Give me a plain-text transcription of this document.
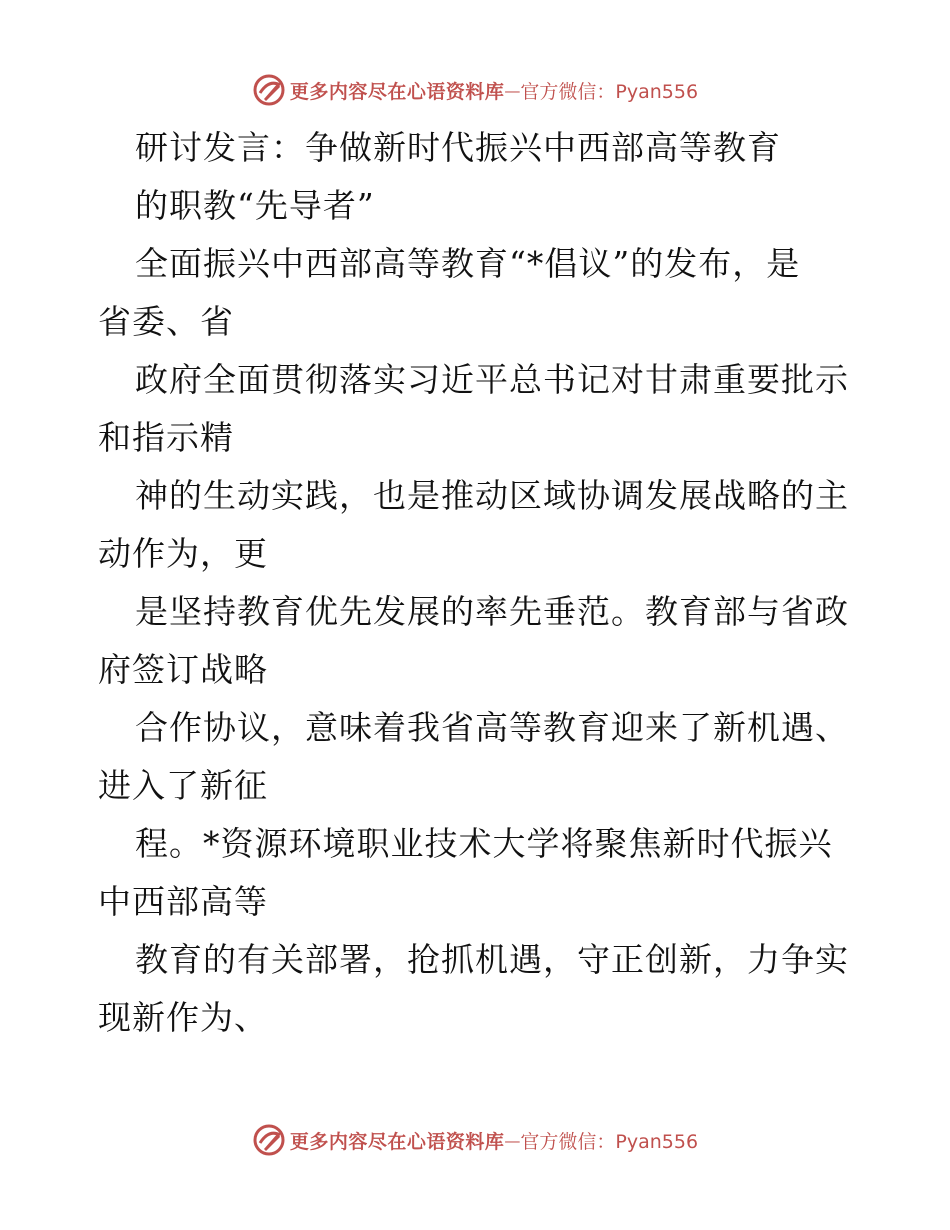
更多内容尽在心语资料库 — 官方微信：Pyan556
研讨发言：争做新时代振兴中西部高等教育
的职教“先导者”
全面振兴中西部高等教育“*倡议”的发布，是
省委、省
政府全面贯彻落实习近平总书记对甘肃重要批示
和指示精
神的生动实践，也是推动区域协调发展战略的主
动作为，更
是坚持教育优先发展的率先垂范。教育部与省政
府签订战略
合作协议，意味着我省高等教育迎来了新机遇、
进入了新征
程。*资源环境职业技术大学将聚焦新时代振兴
中西部高等
教育的有关部署，抢抓机遇，守正创新，力争实
现新作为、
更多内容尽在心语资料库 — 官方微信：Pyan556
